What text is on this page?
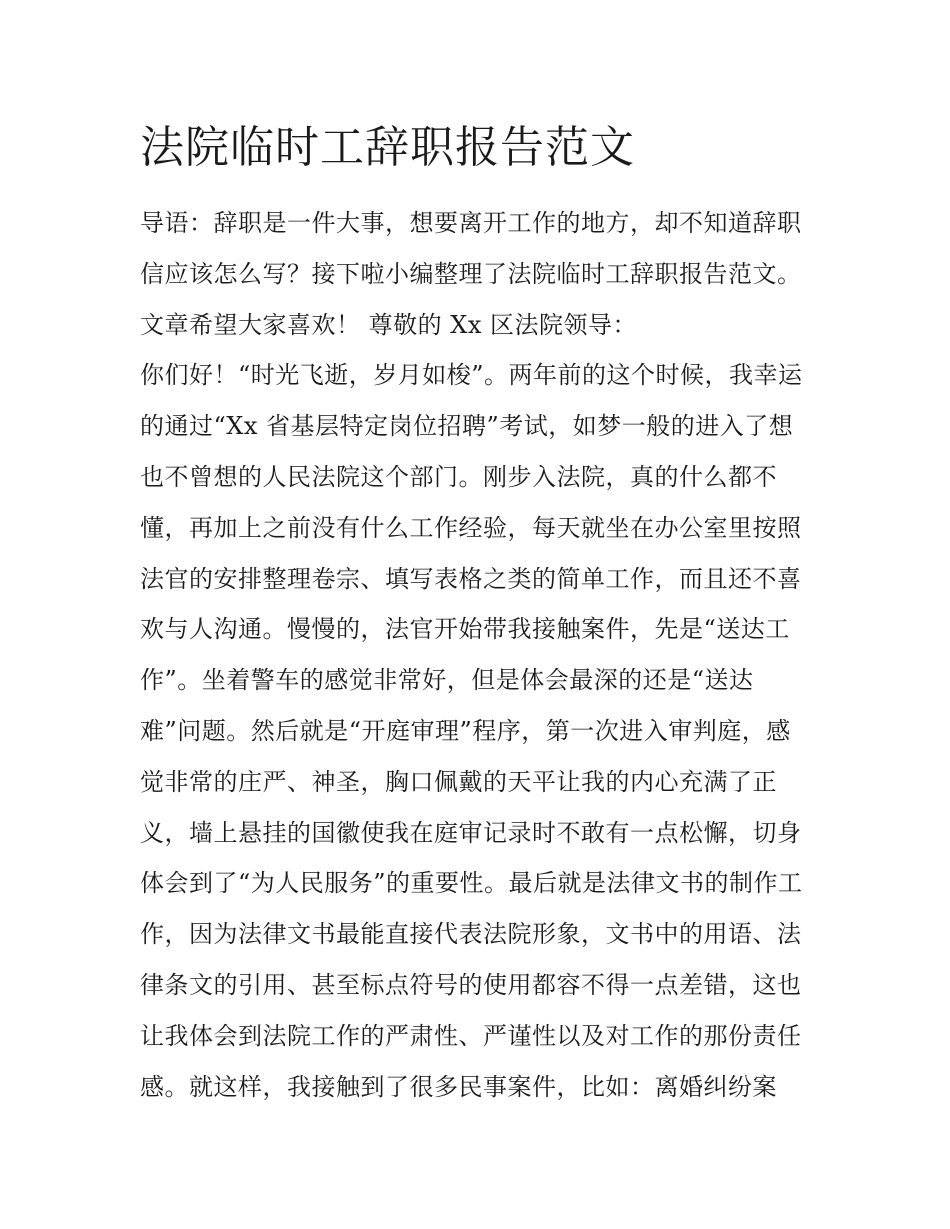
法院临时工辞职报告范文
导语：辞职是一件大事，想要离开工作的地方，却不知道辞职
信应该怎么写？接下啦小编整理了法院临时工辞职报告范文。
文章希望大家喜欢！ 尊敬的 Xx 区法院领导：
你们好！“时光飞逝，岁月如梭”。两年前的这个时候，我幸运
的通过“Xx 省基层特定岗位招聘”考试，如梦一般的进入了想
也不曾想的人民法院这个部门。刚步入法院，真的什么都不
懂，再加上之前没有什么工作经验，每天就坐在办公室里按照
法官的安排整理卷宗、填写表格之类的简单工作，而且还不喜
欢与人沟通。慢慢的，法官开始带我接触案件，先是“送达工
作”。坐着警车的感觉非常好，但是体会最深的还是“送达
难”问题。然后就是“开庭审理”程序，第一次进入审判庭，感
觉非常的庄严、神圣，胸口佩戴的天平让我的内心充满了正
义，墙上悬挂的国徽使我在庭审记录时不敢有一点松懈，切身
体会到了“为人民服务”的重要性。最后就是法律文书的制作工
作，因为法律文书最能直接代表法院形象，文书中的用语、法
律条文的引用、甚至标点符号的使用都容不得一点差错，这也
让我体会到法院工作的严肃性、严谨性以及对工作的那份责任
感。就这样，我接触到了很多民事案件，比如：离婚纠纷案
